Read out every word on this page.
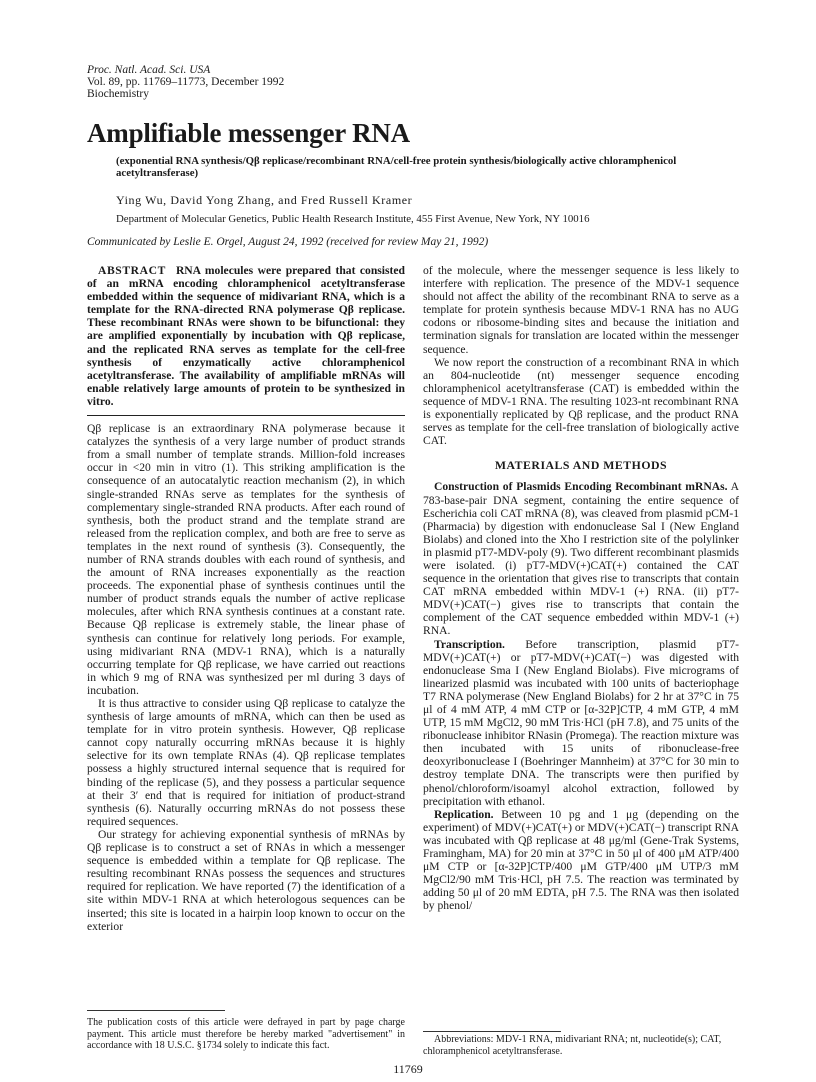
Proc. Natl. Acad. Sci. USA
Vol. 89, pp. 11769–11773, December 1992
Biochemistry
Amplifiable messenger RNA
(exponential RNA synthesis/Qβ replicase/recombinant RNA/cell-free protein synthesis/biologically active chloramphenicol acetyltransferase)
Ying Wu, David Yong Zhang, and Fred Russell Kramer
Department of Molecular Genetics, Public Health Research Institute, 455 First Avenue, New York, NY 10016
Communicated by Leslie E. Orgel, August 24, 1992 (received for review May 21, 1992)

ABSTRACT RNA molecules were prepared that consisted of an mRNA encoding chloramphenicol acetyltransferase embedded within the sequence of midivariant RNA, which is a template for the RNA-directed RNA polymerase Qβ replicase. These recombinant RNAs were shown to be bifunctional: they are amplified exponentially by incubation with Qβ replicase, and the replicated RNA serves as template for the cell-free synthesis of enzymatically active chloramphenicol acetyltransferase. The availability of amplifiable mRNAs will enable relatively large amounts of protein to be synthesized in vitro.

Qβ replicase is an extraordinary RNA polymerase because it catalyzes the synthesis of a very large number of product strands from a small number of template strands. Million-fold increases occur in <20 min in vitro (1). This striking amplification is the consequence of an autocatalytic reaction mechanism (2), in which single-stranded RNAs serve as templates for the synthesis of complementary single-stranded RNA products. After each round of synthesis, both the product strand and the template strand are released from the replication complex, and both are free to serve as templates in the next round of synthesis (3). Consequently, the number of RNA strands doubles with each round of synthesis, and the amount of RNA increases exponentially as the reaction proceeds. The exponential phase of synthesis continues until the number of product strands equals the number of active replicase molecules, after which RNA synthesis continues at a constant rate. Because Qβ replicase is extremely stable, the linear phase of synthesis can continue for relatively long periods. For example, using midivariant RNA (MDV-1 RNA), which is a naturally occurring template for Qβ replicase, we have carried out reactions in which 9 mg of RNA was synthesized per ml during 3 days of incubation.

It is thus attractive to consider using Qβ replicase to catalyze the synthesis of large amounts of mRNA, which can then be used as template for in vitro protein synthesis. However, Qβ replicase cannot copy naturally occurring mRNAs because it is highly selective for its own template RNAs (4). Qβ replicase templates possess a highly structured internal sequence that is required for binding of the replicase (5), and they possess a particular sequence at their 3′ end that is required for initiation of product-strand synthesis (6). Naturally occurring mRNAs do not possess these required sequences.

Our strategy for achieving exponential synthesis of mRNAs by Qβ replicase is to construct a set of RNAs in which a messenger sequence is embedded within a template for Qβ replicase. The resulting recombinant RNAs possess the sequences and structures required for replication. We have reported (7) the identification of a site within MDV-1 RNA at which heterologous sequences can be inserted; this site is located in a hairpin loop known to occur on the exterior

of the molecule, where the messenger sequence is less likely to interfere with replication. The presence of the MDV-1 sequence should not affect the ability of the recombinant RNA to serve as a template for protein synthesis because MDV-1 RNA has no AUG codons or ribosome-binding sites and because the initiation and termination signals for translation are located within the messenger sequence.

We now report the construction of a recombinant RNA in which an 804-nucleotide (nt) messenger sequence encoding chloramphenicol acetyltransferase (CAT) is embedded within the sequence of MDV-1 RNA. The resulting 1023-nt recombinant RNA is exponentially replicated by Qβ replicase, and the product RNA serves as template for the cell-free translation of biologically active CAT.

MATERIALS AND METHODS

Construction of Plasmids Encoding Recombinant mRNAs. A 783-base-pair DNA segment, containing the entire sequence of Escherichia coli CAT mRNA (8), was cleaved from plasmid pCM-1 (Pharmacia) by digestion with endonuclease Sal I (New England Biolabs) and cloned into the Xho I restriction site of the polylinker in plasmid pT7-MDV-poly (9). Two different recombinant plasmids were isolated. (i) pT7-MDV(+)CAT(+) contained the CAT sequence in the orientation that gives rise to transcripts that contain CAT mRNA embedded within MDV-1 (+) RNA. (ii) pT7-MDV(+)CAT(−) gives rise to transcripts that contain the complement of the CAT sequence embedded within MDV-1 (+) RNA.

Transcription. Before transcription, plasmid pT7-MDV(+)CAT(+) or pT7-MDV(+)CAT(−) was digested with endonuclease Sma I (New England Biolabs). Five micrograms of linearized plasmid was incubated with 100 units of bacteriophage T7 RNA polymerase (New England Biolabs) for 2 hr at 37°C in 75 μl of 4 mM ATP, 4 mM CTP or [α-32P]CTP, 4 mM GTP, 4 mM UTP, 15 mM MgCl2, 90 mM Tris·HCl (pH 7.8), and 75 units of the ribonuclease inhibitor RNasin (Promega). The reaction mixture was then incubated with 15 units of ribonuclease-free deoxyribonuclease I (Boehringer Mannheim) at 37°C for 30 min to destroy template DNA. The transcripts were then purified by phenol/chloroform/isoamyl alcohol extraction, followed by precipitation with ethanol.

Replication. Between 10 pg and 1 μg (depending on the experiment) of MDV(+)CAT(+) or MDV(+)CAT(−) transcript RNA was incubated with Qβ replicase at 48 μg/ml (Gene-Trak Systems, Framingham, MA) for 20 min at 37°C in 50 μl of 400 μM ATP/400 μM CTP or [α-32P]CTP/400 μM GTP/400 μM UTP/3 mM MgCl2/90 mM Tris·HCl, pH 7.5. The reaction was terminated by adding 50 μl of 20 mM EDTA, pH 7.5. The RNA was then isolated by phenol/

The publication costs of this article were defrayed in part by page charge payment. This article must therefore be hereby marked "advertisement" in accordance with 18 U.S.C. §1734 solely to indicate this fact.
Abbreviations: MDV-1 RNA, midivariant RNA; nt, nucleotide(s); CAT, chloramphenicol acetyltransferase.
11769
